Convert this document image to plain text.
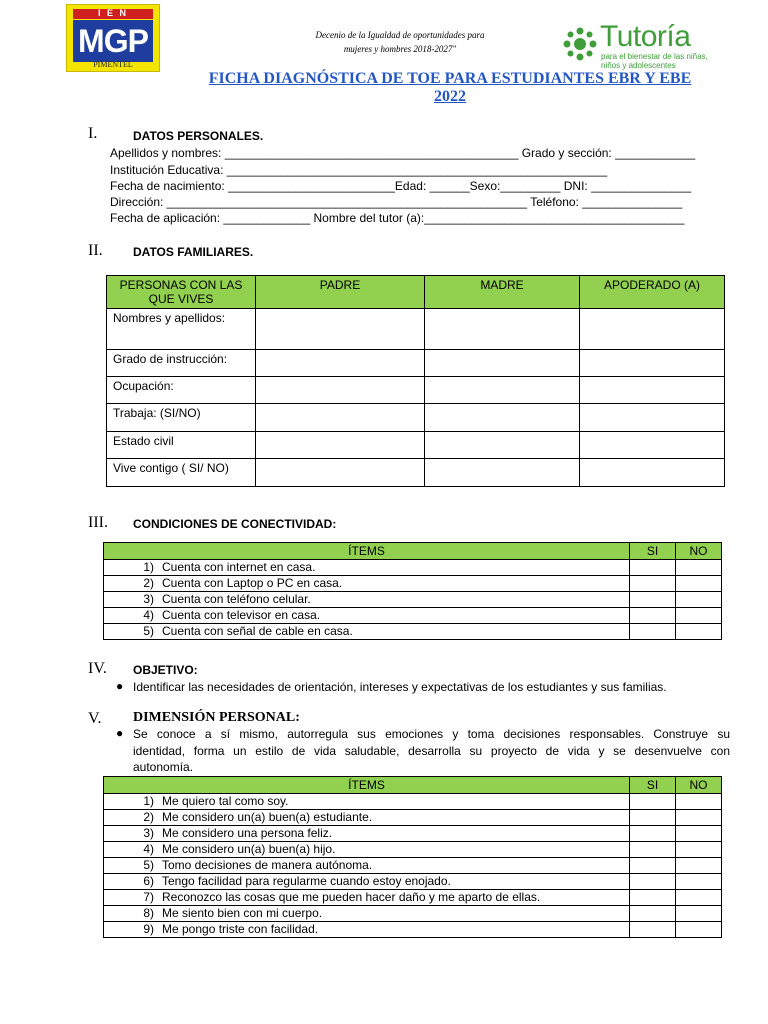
I E N
MGP
PIMENTEL
Decenio de la Igualdad de oportunidades para
mujeres y hombres 2018-2027"	Tutoría
para el bienestar de las niñas, niños y adolescentes
FICHA DIAGNÓSTICA DE TOE PARA ESTUDIANTES EBR Y EBE
2022
I.	DATOS PERSONALES.
Apellidos y nombres: ____________________________________________ Grado y sección: ____________
Institución Educativa: _________________________________________________________
Fecha de nacimiento: _________________________Edad: ______Sexo:_________ DNI: _______________
Dirección: ______________________________________________________ Teléfono: _______________
Fecha de aplicación: _____________ Nombre del tutor (a):_______________________________________
II.	DATOS FAMILIARES.
PERSONAS CON LAS QUE VIVES	PADRE	MADRE	APODERADO (A)
Nombres y apellidos:			
Grado de instrucción:			
Ocupación:			
Trabaja: (SI/NO)			
Estado civil			
Vive contigo ( SI/ NO)			
III. CONDICIONES DE CONECTIVIDAD:
ÍTEMS	SI	NO
1) Cuenta con internet en casa.		
2) Cuenta con Laptop o PC en casa.		
3) Cuenta con teléfono celular.		
4) Cuenta con televisor en casa.		
5) Cuenta con señal de cable en casa.		
IV. OBJETIVO:
● Identificar las necesidades de orientación, intereses y expectativas de los estudiantes y sus familias.
V. DIMENSIÓN PERSONAL:
● Se conoce a sí mismo, autorregula sus emociones y toma decisiones responsables. Construye su
identidad, forma un estilo de vida saludable, desarrolla su proyecto de vida y se desenvuelve con
autonomía.
ÍTEMS	SI	NO
1) Me quiero tal como soy.		
2) Me considero un(a) buen(a) estudiante.		
3) Me considero una persona feliz.		
4) Me considero un(a) buen(a) hijo.		
5) Tomo decisiones de manera autónoma.		
6) Tengo facilidad para regularme cuando estoy enojado.		
7) Reconozco las cosas que me pueden hacer daño y me aparto de ellas.		
8) Me siento bien con mi cuerpo.		
9) Me pongo triste con facilidad.		
